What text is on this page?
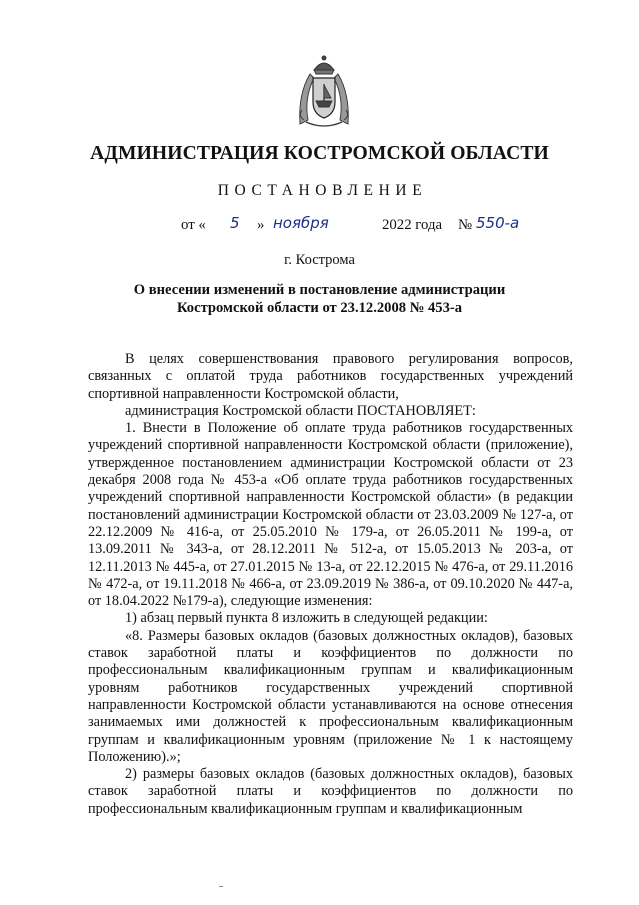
АДМИНИСТРАЦИЯ КОСТРОМСКОЙ ОБЛАСТИ
ПОСТАНОВЛЕНИЕ
от « 5 » ноября	2022 года № 550-а
г. Кострома
О внесении изменений в постановление администрации
Костромской области от 23.12.2008 № 453-а

В целях совершенствования правового регулирования вопросов, связанных с оплатой труда работников государственных учреждений спортивной направленности Костромской области,

администрация Костромской области ПОСТАНОВЛЯЕТ:

1. Внести в Положение об оплате труда работников государственных учреждений спортивной направленности Костромской области (приложение), утвержденное постановлением администрации Костромской области от 23 декабря 2008 года № 453-а «Об оплате труда работников государственных учреждений спортивной направленности Костромской области» (в редакции постановлений администрации Костромской области от 23.03.2009 № 127-а, от 22.12.2009 № 416-а, от 25.05.2010 № 179-а, от 26.05.2011 № 199-а, от 13.09.2011 № 343-а, от 28.12.2011 № 512-а, от 15.05.2013 № 203-а, от 12.11.2013 № 445-а, от 27.01.2015 № 13-а, от 22.12.2015 № 476-а, от 29.11.2016 № 472-а, от 19.11.2018 № 466-а, от 23.09.2019 № 386-а, от 09.10.2020 № 447-а, от 18.04.2022 №179-а), следующие изменения:

1) абзац первый пункта 8 изложить в следующей редакции:

«8. Размеры базовых окладов (базовых должностных окладов), базовых ставок заработной платы и коэффициентов по должности по профессиональным квалификационным группам и квалификационным уровням работников государственных учреждений спортивной направленности Костромской области устанавливаются на основе отнесения занимаемых ими должностей к профессиональным квалификационным группам и квалификационным уровням (приложение № 1 к настоящему Положению).»;

2) размеры базовых окладов (базовых должностных окладов), базовых ставок заработной платы и коэффициентов по должности по профессиональным квалификационным группам и квалификационным
